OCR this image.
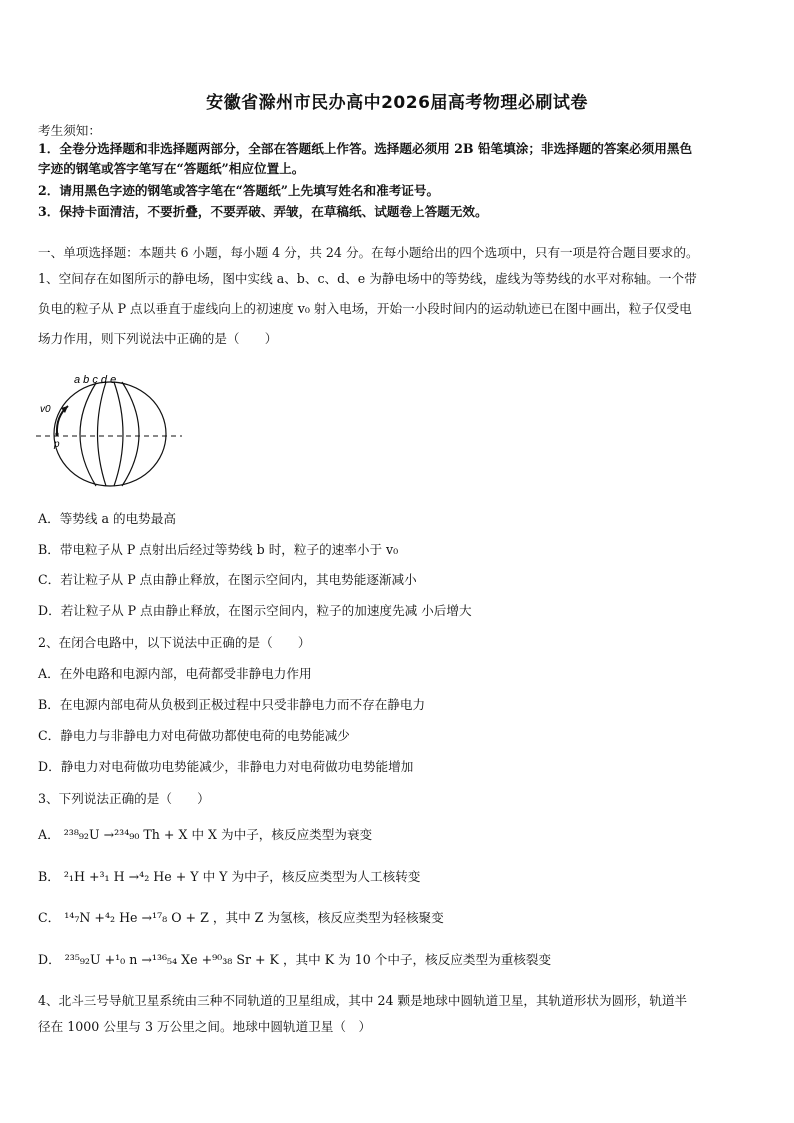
安徽省滁州市民办高中2026届高考物理必刷试卷
考生须知：
1．全卷分选择题和非选择题两部分，全部在答题纸上作答。选择题必须用 2B 铅笔填涂；非选择题的答案必须用黑色
字迹的钢笔或答字笔写在“答题纸”相应位置上。
2．请用黑色字迹的钢笔或答字笔在“答题纸”上先填写姓名和准考证号。
3．保持卡面清洁，不要折叠，不要弄破、弄皱，在草稿纸、试题卷上答题无效。
一、单项选择题：本题共 6 小题，每小题 4 分，共 24 分。在每小题给出的四个选项中，只有一项是符合题目要求的。
1、空间存在如图所示的静电场，图中实线 a、b、c、d、e 为静电场中的等势线，虚线为等势线的水平对称轴。一个带
负电的粒子从 P 点以垂直于虚线向上的初速度 v₀ 射入电场，开始一小段时间内的运动轨迹已在图中画出，粒子仅受电
场力作用，则下列说法中正确的是（　　）
a b c d e
v0
p
A．等势线 a 的电势最高
B．带电粒子从 P 点射出后经过等势线 b 时，粒子的速率小于 v₀
C．若让粒子从 P 点由静止释放，在图示空间内，其电势能逐渐减小
D．若让粒子从 P 点由静止释放，在图示空间内，粒子的加速度先减 小后增大
2、在闭合电路中，以下说法中正确的是（　　）
A．在外电路和电源内部，电荷都受非静电力作用
B．在电源内部电荷从负极到正极过程中只受非静电力而不存在静电力
C．静电力与非静电力对电荷做功都使电荷的电势能减少
D．静电力对电荷做功电势能减少，非静电力对电荷做功电势能增加
3、下列说法正确的是（　　）
A． ²³⁸₉₂U →²³⁴₉₀ Th + X 中 X 为中子，核反应类型为衰变
B． ²₁H +³₁ H →⁴₂ He + Y 中 Y 为中子，核反应类型为人工核转变
C． ¹⁴₇N +⁴₂ He →¹⁷₈ O + Z ，其中 Z 为氢核，核反应类型为轻核聚变
D． ²³⁵₉₂U +¹₀ n →¹³⁶₅₄ Xe +⁹⁰₃₈ Sr + K ，其中 K 为 10 个中子，核反应类型为重核裂变
4、北斗三号导航卫星系统由三种不同轨道的卫星组成，其中 24 颗是地球中圆轨道卫星，其轨道形状为圆形，轨道半
径在 1000 公里与 3 万公里之间。地球中圆轨道卫星（　）
